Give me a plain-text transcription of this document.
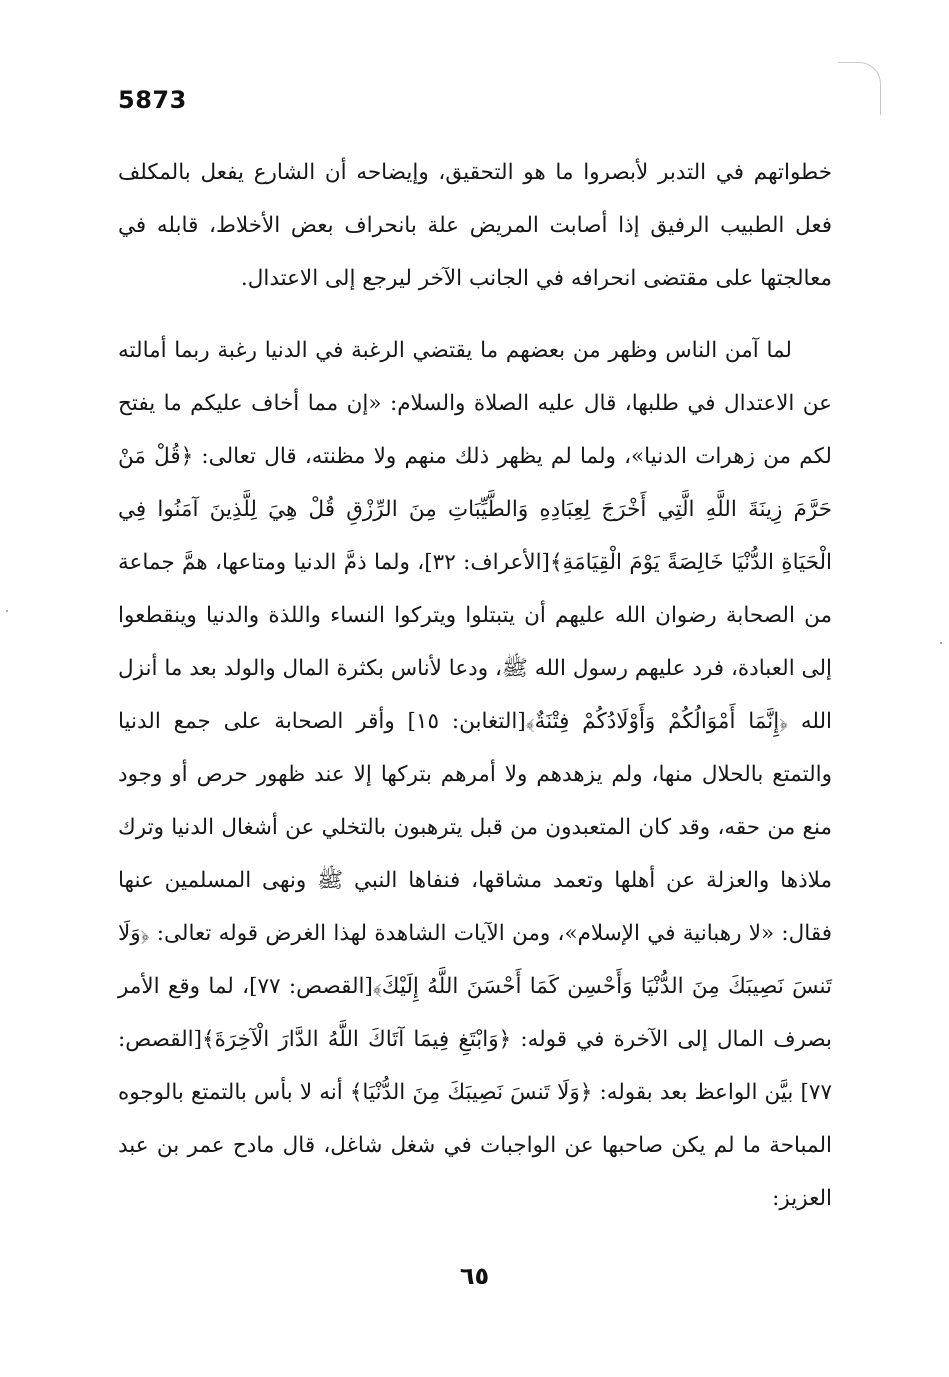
5873

خطواتهم في التدبر لأبصروا ما هو التحقيق، وإيضاحه أن الشارع يفعل بالمكلف فعل الطبيب الرفيق إذا أصابت المريض علة بانحراف بعض الأخلاط، قابله في معالجتها على مقتضى انحرافه في الجانب الآخر ليرجع إلى الاعتدال.

لما آمن الناس وظهر من بعضهم ما يقتضي الرغبة في الدنيا رغبة ربما أمالته عن الاعتدال في طلبها، قال عليه الصلاة والسلام: «إن مما أخاف عليكم ما يفتح لكم من زهرات الدنيا»، ولما لم يظهر ذلك منهم ولا مظنته، قال تعالى: ﴿قُلْ مَنْ حَرَّمَ زِينَةَ اللَّهِ الَّتِي أَخْرَجَ لِعِبَادِهِ وَالطَّيِّبَاتِ مِنَ الرِّزْقِ قُلْ هِيَ لِلَّذِينَ آمَنُوا فِي الْحَيَاةِ الدُّنْيَا خَالِصَةً يَوْمَ الْقِيَامَةِ﴾[الأعراف: ٣٢]، ولما ذمَّ الدنيا ومتاعها، همَّ جماعة من الصحابة رضوان الله عليهم أن يتبتلوا ويتركوا النساء واللذة والدنيا وينقطعوا إلى العبادة، فرد عليهم رسول الله ﷺ، ودعا لأناس بكثرة المال والولد بعد ما أنزل الله ﴿إِنَّمَا أَمْوَالُكُمْ وَأَوْلَادُكُمْ فِتْنَةٌ﴾[التغابن: ١٥] وأقر الصحابة على جمع الدنيا والتمتع بالحلال منها، ولم يزهدهم ولا أمرهم بتركها إلا عند ظهور حرص أو وجود منع من حقه، وقد كان المتعبدون من قبل يترهبون بالتخلي عن أشغال الدنيا وترك ملاذها والعزلة عن أهلها وتعمد مشاقها، فنفاها النبي ﷺ ونهى المسلمين عنها فقال: «لا رهبانية في الإسلام»، ومن الآيات الشاهدة لهذا الغرض قوله تعالى: ﴿وَلَا تَنسَ نَصِيبَكَ مِنَ الدُّنْيَا وَأَحْسِن كَمَا أَحْسَنَ اللَّهُ إِلَيْكَ﴾[القصص: ٧٧]، لما وقع الأمر بصرف المال إلى الآخرة في قوله: ﴿وَابْتَغِ فِيمَا آتَاكَ اللَّهُ الدَّارَ الْآخِرَةَ﴾[القصص: ٧٧] بيَّن الواعظ بعد بقوله: ﴿وَلَا تَنسَ نَصِيبَكَ مِنَ الدُّنْيَا﴾ أنه لا بأس بالتمتع بالوجوه المباحة ما لم يكن صاحبها عن الواجبات في شغل شاغل، قال مادح عمر بن عبد العزيز:

٦٥
